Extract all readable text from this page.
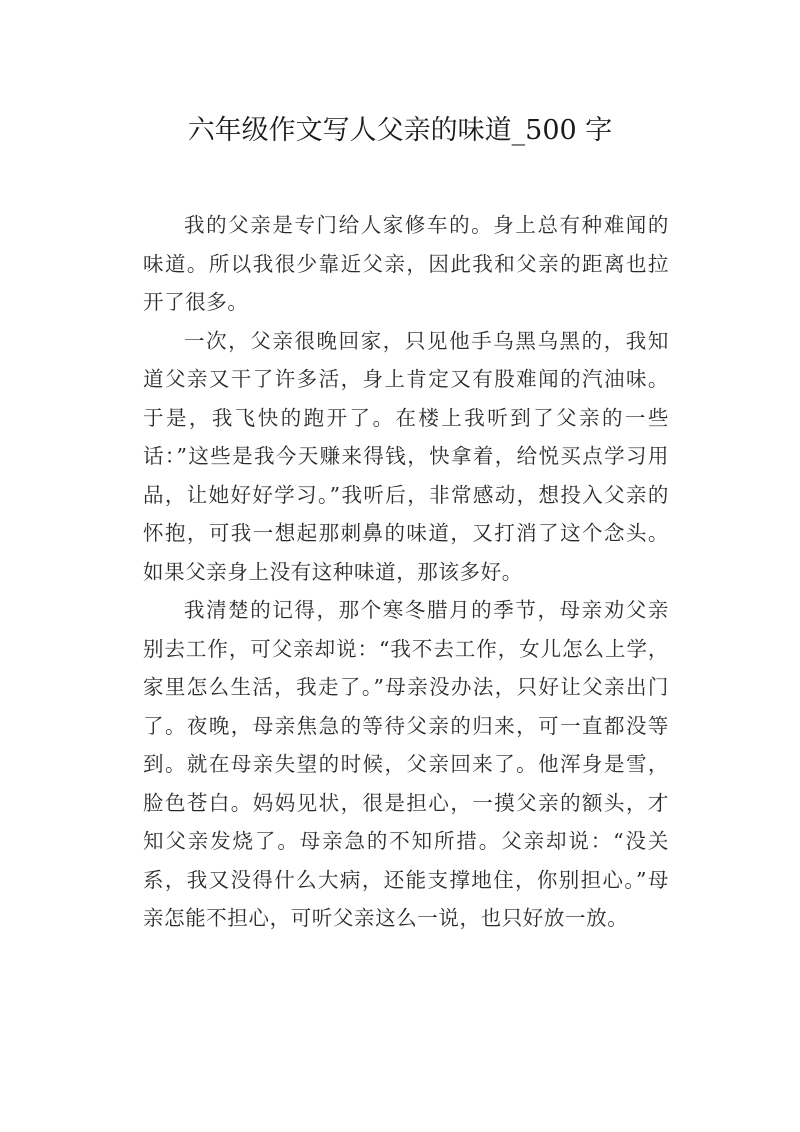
六年级作文写人父亲的味道_500 字

我的父亲是专门给人家修车的。身上总有种难闻的味道。所以我很少靠近父亲，因此我和父亲的距离也拉开了很多。

一次，父亲很晚回家，只见他手乌黑乌黑的，我知道父亲又干了许多活，身上肯定又有股难闻的汽油味。于是，我飞快的跑开了。在楼上我听到了父亲的一些话：”这些是我今天赚来得钱，快拿着，给悦买点学习用品，让她好好学习。”我听后，非常感动，想投入父亲的怀抱，可我一想起那刺鼻的味道，又打消了这个念头。如果父亲身上没有这种味道，那该多好。

我清楚的记得，那个寒冬腊月的季节，母亲劝父亲别去工作，可父亲却说：“我不去工作，女儿怎么上学，家里怎么生活，我走了。”母亲没办法，只好让父亲出门了。夜晚，母亲焦急的等待父亲的归来，可一直都没等到。就在母亲失望的时候，父亲回来了。他浑身是雪，脸色苍白。妈妈见状，很是担心，一摸父亲的额头，才知父亲发烧了。母亲急的不知所措。父亲却说：“没关系，我又没得什么大病，还能支撑地住，你别担心。”母亲怎能不担心，可听父亲这么一说，也只好放一放。
